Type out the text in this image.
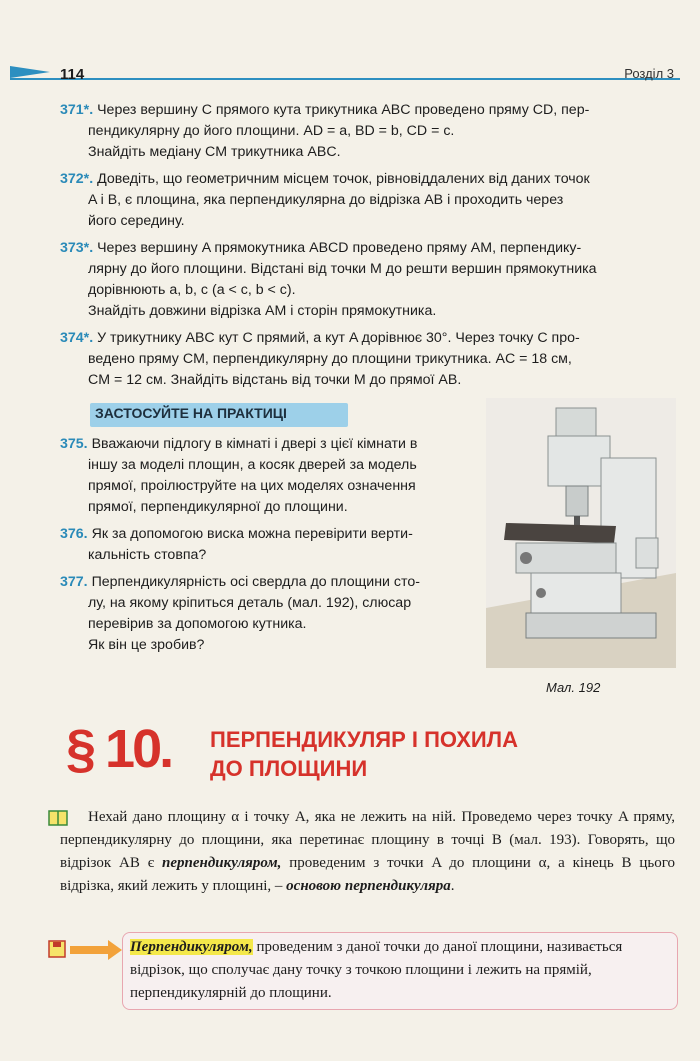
114	Розділ 3
371*. Через вершину C прямого кута трикутника ABC проведено пряму CD, пер-
пендикулярну до його площини. AD = a, BD = b, CD = c.
Знайдіть медіану CM трикутника ABC.
372*. Доведіть, що геометричним місцем точок, рівновіддалених від даних точок
A і B, є площина, яка перпендикулярна до відрізка AB і проходить через
його середину.
373*. Через вершину A прямокутника ABCD проведено пряму AM, перпендику-
лярну до його площини. Відстані від точки M до решти вершин прямокутника
дорівнюють a, b, c (a < c, b < c).
Знайдіть довжини відрізка AM і сторін прямокутника.
374*. У трикутнику ABC кут C прямий, а кут A дорівнює 30°. Через точку C про-
ведено пряму CM, перпендикулярну до площини трикутника. AC = 18 см,
CM = 12 см. Знайдіть відстань від точки M до прямої AB.
ЗАСТОСУЙТЕ НА ПРАКТИЦІ
375. Вважаючи підлогу в кімнаті і двері з цієї кімнати в
іншу за моделі площин, а косяк дверей за модель
прямої, проілюструйте на цих моделях означення
прямої, перпендикулярної до площини.
376. Як за допомогою виска можна перевірити верти-
кальність стовпа?
377. Перпендикулярність осі свердла до площини сто-
лу, на якому кріпиться деталь (мал. 192), слюсар
перевірив за допомогою кутника.
Як він це зробив?
Мал. 192
§ 10. ПЕРПЕНДИКУЛЯР І ПОХИЛА
ДО ПЛОЩИНИ
Нехай дано площину α і точку A, яка не лежить на ній. Проведемо через точку A пряму, перпендикулярну до площини, яка перетинає площину в точці B (мал. 193). Говорять, що відрізок AB є перпендикуляром, проведеним з точки A до площини α, а кінець B цього відрізка, який лежить у площині, – основою перпендикуляра.
Перпендикуляром, проведеним з даної точки до даної площини, називається відрізок, що сполучає дану точку з точкою площини і лежить на прямій, перпендикулярній до площини.
